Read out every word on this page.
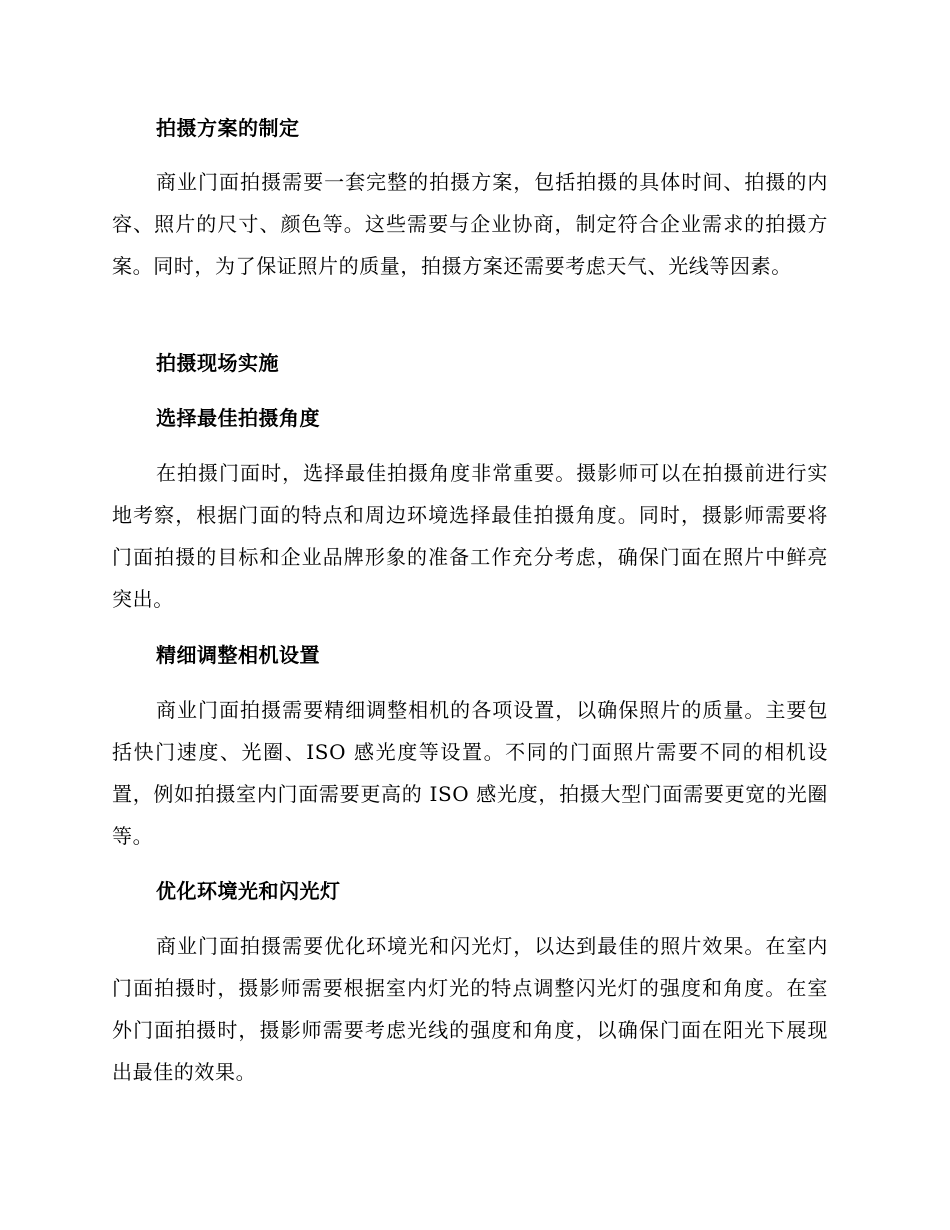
拍摄方案的制定

商业门面拍摄需要一套完整的拍摄方案，包括拍摄的具体时间、拍摄的内容、照片的尺寸、颜色等。这些需要与企业协商，制定符合企业需求的拍摄方案。同时，为了保证照片的质量，拍摄方案还需要考虑天气、光线等因素。

拍摄现场实施
选择最佳拍摄角度

在拍摄门面时，选择最佳拍摄角度非常重要。摄影师可以在拍摄前进行实地考察，根据门面的特点和周边环境选择最佳拍摄角度。同时，摄影师需要将门面拍摄的目标和企业品牌形象的准备工作充分考虑，确保门面在照片中鲜亮突出。

精细调整相机设置

商业门面拍摄需要精细调整相机的各项设置，以确保照片的质量。主要包括快门速度、光圈、ISO 感光度等设置。不同的门面照片需要不同的相机设置，例如拍摄室内门面需要更高的 ISO 感光度，拍摄大型门面需要更宽的光圈等。

优化环境光和闪光灯

商业门面拍摄需要优化环境光和闪光灯，以达到最佳的照片效果。在室内门面拍摄时，摄影师需要根据室内灯光的特点调整闪光灯的强度和角度。在室外门面拍摄时，摄影师需要考虑光线的强度和角度，以确保门面在阳光下展现出最佳的效果。
